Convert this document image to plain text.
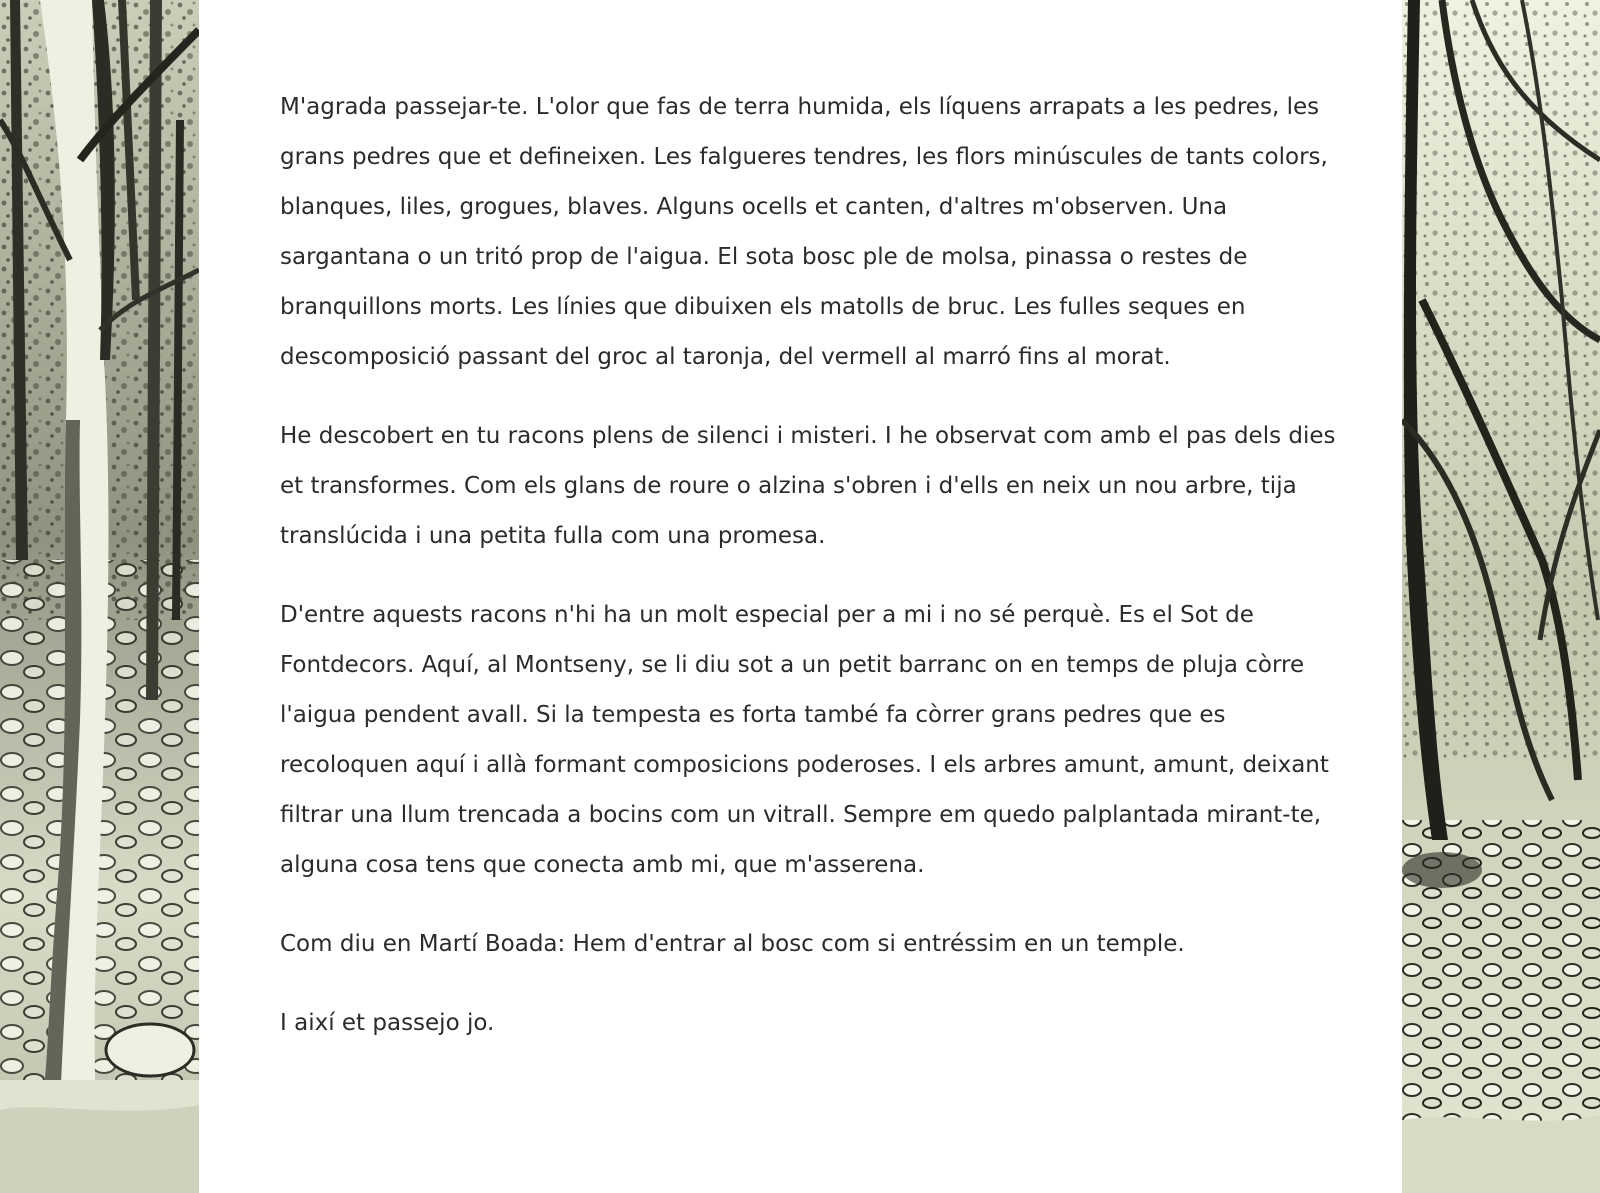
M'agrada passejar-te. L'olor que fas de terra humida, els líquens arrapats a les pedres, les grans pedres que et defineixen. Les falgueres tendres, les flors minúscules de tants colors, blanques, liles, grogues, blaves. Alguns ocells et canten, d'altres m'observen. Una sargantana o un tritó prop de l'aigua. El sota bosc ple de molsa, pinassa o restes de branquillons morts. Les línies que dibuixen els matolls de bruc. Les fulles seques en descomposició passant del groc al taronja, del vermell al marró fins al morat.

He descobert en tu racons plens de silenci i misteri. I he observat com amb el pas dels dies et transformes. Com els glans de roure o alzina s'obren i d'ells en neix un nou arbre, tija translúcida i una petita fulla com una promesa.

D'entre aquests racons n'hi ha un molt especial per a mi i no sé perquè. Es el Sot de Fontdecors. Aquí, al Montseny, se li diu sot a un petit barranc on en temps de pluja còrre l'aigua pendent avall. Si la tempesta es forta també fa còrrer grans pedres que es recoloquen aquí i allà formant composicions poderoses. I els arbres amunt, amunt, deixant filtrar una llum trencada a bocins com un vitrall. Sempre em quedo palplantada mirant-te, alguna cosa tens que conecta amb mi, que m'asserena.

Com diu en Martí Boada: Hem d'entrar al bosc com si entréssim en un temple.

I així et passejo jo.
